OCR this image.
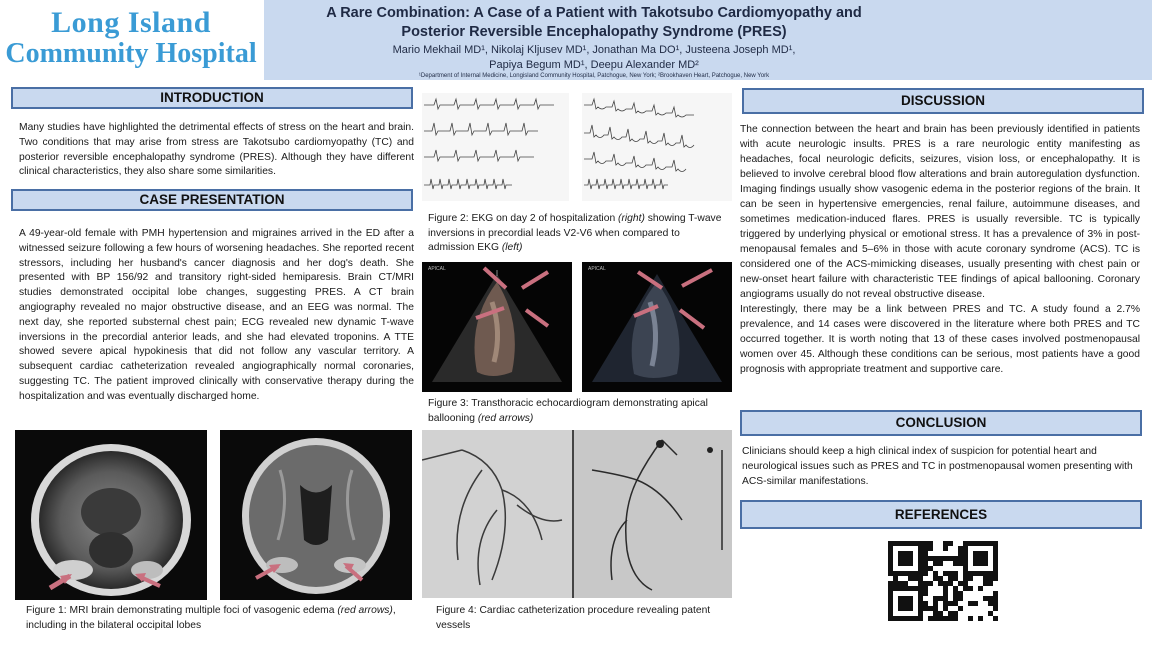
Long Island
Community Hospital
A Rare Combination: A Case of a Patient with Takotsubo Cardiomyopathy and
Posterior Reversible Encephalopathy Syndrome (PRES)
Mario Mekhail MD¹, Nikolaj Kljusev MD¹, Jonathan Ma DO¹, Justeena Joseph MD¹,
Papiya Begum MD¹, Deepu Alexander MD²
¹Department of Internal Medicine, Longisland Community Hospital, Patchogue, New York; ²Brookhaven Heart, Patchogue, New York
INTRODUCTION
Many studies have highlighted the detrimental effects of stress on the heart and brain. Two conditions that may arise from stress are Takotsubo cardiomyopathy (TC) and posterior reversible encephalopathy syndrome (PRES). Although they have different clinical characteristics, they also share some similarities.
CASE PRESENTATION
A 49-year-old female with PMH hypertension and migraines arrived in the ED after a witnessed seizure following a few hours of worsening headaches. She reported recent stressors, including her husband's cancer diagnosis and her dog's death. She presented with BP 156/92 and transitory right-sided hemiparesis. Brain CT/MRI studies demonstrated occipital lobe changes, suggesting PRES. A CT brain angiography revealed no major obstructive disease, and an EEG was normal. The next day, she reported substernal chest pain; ECG revealed new dynamic T-wave inversions in the precordial anterior leads, and she had elevated troponins. A TTE showed severe apical hypokinesis that did not follow any vascular territory. A subsequent cardiac catheterization revealed angiographically normal coronaries, suggesting TC. The patient improved clinically with conservative therapy during the hospitalization and was eventually discharged home.
Figure 1: MRI brain demonstrating multiple foci of vasogenic edema (red arrows), including in the bilateral occipital lobes
Figure 2: EKG on day 2 of hospitalization (right) showing T-wave inversions in precordial leads V2-V6 when compared to admission EKG (left)
APICAL	APICAL
Figure 3: Transthoracic echocardiogram demonstrating apical ballooning (red arrows)
Figure 4: Cardiac catheterization procedure revealing patent vessels
DISCUSSION
The connection between the heart and brain has been previously identified in patients with acute neurologic insults. PRES is a rare neurologic entity manifesting as headaches, focal neurologic deficits, seizures, vision loss, or encephalopathy. It is believed to involve cerebral blood flow alterations and brain autoregulation dysfunction. Imaging findings usually show vasogenic edema in the posterior regions of the brain. It can be seen in hypertensive emergencies, renal failure, autoimmune diseases, and sometimes medication-induced flares. PRES is usually reversible. TC is typically triggered by underlying physical or emotional stress. It has a prevalence of 3% in post-menopausal females and 5–6% in those with acute coronary syndrome (ACS). TC is considered one of the ACS-mimicking diseases, usually presenting with chest pain or new-onset heart failure with characteristic TEE findings of apical ballooning. Coronary angiograms usually do not reveal obstructive disease.
Interestingly, there may be a link between PRES and TC. A study found a 2.7% prevalence, and 14 cases were discovered in the literature where both PRES and TC occurred together. It is worth noting that 13 of these cases involved postmenopausal women over 45. Although these conditions can be serious, most patients have a good prognosis with appropriate treatment and supportive care.
CONCLUSION
Clinicians should keep a high clinical index of suspicion for potential heart and neurological issues such as PRES and TC in postmenopausal women presenting with ACS-similar manifestations.
REFERENCES
